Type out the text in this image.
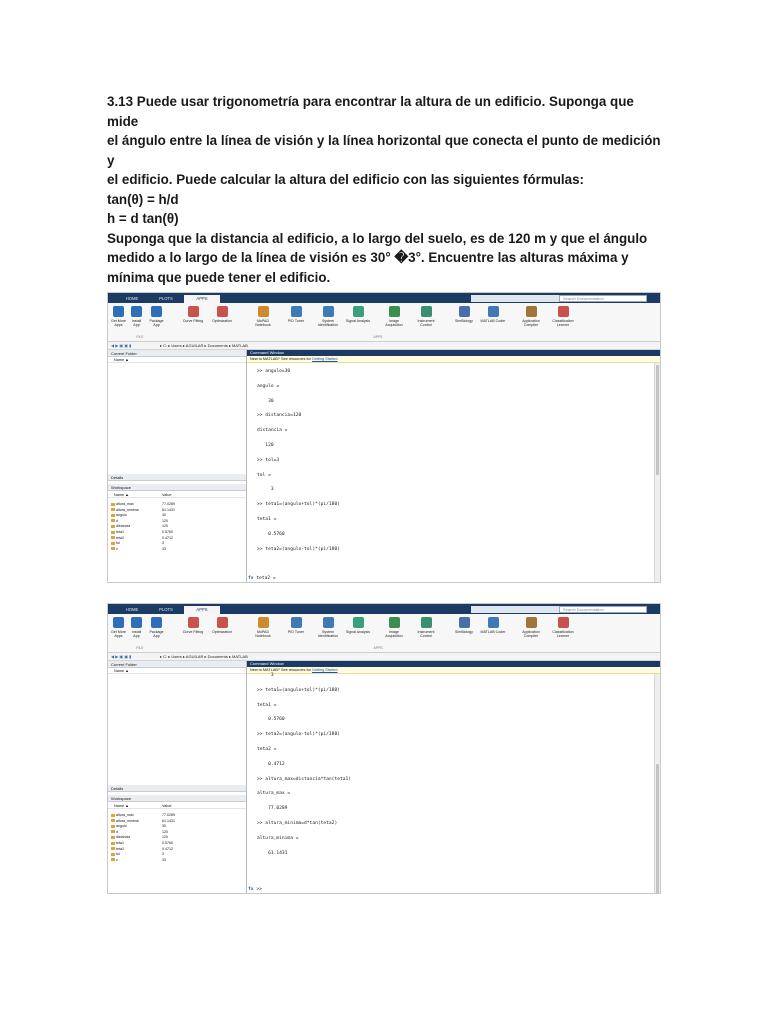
3.13 Puede usar trigonometría para encontrar la altura de un edificio. Suponga que mide

el ángulo entre la línea de visión y la línea horizontal que conecta el punto de medición y

el edificio. Puede calcular la altura del edificio con las siguientes fórmulas:

tan(θ) = h/d

h = d tan(θ)

Suponga que la distancia al edificio, a lo largo del suelo, es de 120 m y que el ángulo

medido a lo largo de la línea de visión es 30° �3°. Encuentre las alturas máxima y

mínima que puede tener el edificio.

HOME	PLOTS	APPS	Search Documentation
Get More
Apps
Install
App
Package
App
Curve Fitting	Optimization	MuPAD
Notebook
PID Tuner	System
Identification
Signal Analysis	Image
Acquisition
Instrument
Control
SimBiology	MATLAB Coder	Application
Compiler
Classification
Learner
FILE	APPS
◀ ▶ ▣ ▣ ▮	▸ C: ▸ Users ▸ AGUILAR ▸ Documents ▸ MATLAB
Current Folder
Name ▲
Details
Workspace
Name ▲	Value
altura_max	77.0289
altura_minima	61.1431
angulo	30
d	120
distancia	120
teta1	0.5760
teta2	0.4712
tol	3
x	33
Command Window
New to MATLAB? See resources for Getting Started
>> angulo=30
angulo =
30
>> distancia=120
distancia =
120
>> tol=3
tol =
3
>> teta1=(angulo+tol)*(pi/180)
teta1 =
0.5760
>> teta2=(angulo-tol)*(pi/180)
fx teta2 =
HOME	PLOTS	APPS	Search Documentation
Get More
Apps
Install
App
Package
App
Curve Fitting	Optimization	MuPAD
Notebook
PID Tuner	System
Identification
Signal Analysis	Image
Acquisition
Instrument
Control
SimBiology	MATLAB Coder	Application
Compiler
Classification
Learner
FILE	APPS
◀ ▶ ▣ ▣ ▮	▸ C: ▸ Users ▸ AGUILAR ▸ Documents ▸ MATLAB
Current Folder
Name ▲
Details
Workspace
Name ▲	Value
altura_max	77.0289
altura_minima	61.1431
angulo	30
d	120
distancia	120
teta1	0.5760
teta2	0.4712
tol	3
x	33
Command Window
New to MATLAB? See resources for Getting Started
3
>> teta1=(angulo+tol)*(pi/180)
teta1 =
0.5760
>> teta2=(angulo-tol)*(pi/180)
teta2 =
0.4712
>> altura_max=distancia*tan(teta1)
altura_max =
77.0289
>> altura_minima=d*tan(teta2)
altura_minima =
61.1431
fx >>
